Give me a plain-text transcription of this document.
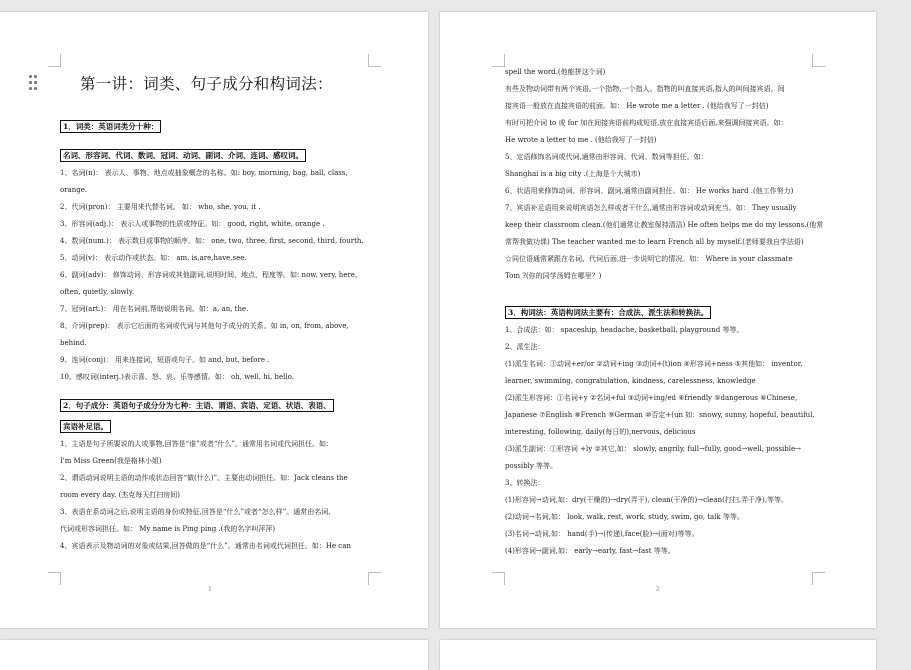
第一讲：词类、句子成分和构词法：
1．词类：英语词类分十种：
名词、形容词、代词、数词、冠词、动词、副词、介词、连词、感叹词。

1、名词(n)： 表示人、事物、地点或抽象概念的名称。如: boy, morning, bag, ball, class, orange.

2、代词(pron)： 主要用来代替名词。 如： who, she, you, it .

3、形容词(adj.)： 表示人或事物的性质或特征。如： good, right, white, orange .

4、数词(num.)： 表示数目或事物的顺序。如： one, two, three, first, second, third, fourth.

5、动词(v)： 表示动作或状态。如： am, is,are,have,see.

6、副词(adv)： 修饰动词、形容词或其他副词,说明时间、地点、程度等。如: now, very, here,

often, quietly, slowly.

7、冠词(art.)： 用在名词前,帮助说明名词。如：a, an, the.

8、介词(prep)： 表示它后面的名词或代词与其他句子成分的关系。如 in, on, from, above,

behind.

9、连词(conj)： 用来连接词、短语或句子。如 and, but, before .

10、感叹词(interj.)表示喜、怒、哀、乐等感情。如： oh, well, hi, hello.

2．句子成分：英语句子成分分为七种：主语、谓语、宾语、定语、状语、表语、
宾语补足语。

1、主语是句子所要说的人或事物,回答是“谁”或者“什么”。通常用名词或代词担任。如：

I'm Miss Green(我是格林小姐)

2、谓语动词说明主语的动作或状态回答“做(什么)”。主要由动词担任。如：Jack cleans the

room every day. (杰克每天打扫房间)

3、表语在系动词之后,说明主语的身份或特征,回答是“什么”或者“怎么样”。通常由名词、

代词或形容词担任。如： My name is Ping ping .(我的名字叫萍萍)

4、宾语表示及物动词的对象或结果,回答做的是“什么”。通常由名词或代词担任。如：He can

1

spell the word.(他能拼这个词)

有些及物动词带有两个宾语,一个指物,一个指人。指物的叫直接宾语,指人的叫间接宾语。间

接宾语一般放在直接宾语的前面。如： He wrote me a letter . (他给我写了一封信)

有时可把介词 to 或 for 加在间接宾语前构成短语,放在直接宾语后面,来强调间接宾语。如：

He wrote a letter to me . (他给我写了一封信)

5、定语修饰名词或代词,通常由形容词、代词、数词等担任。如：

Shanghai is a big city .(上海是个大城市)

6、状语用来修饰动词、形容词、副词,通常由副词担任。如： He works hard .(他工作努力)

7、宾语补足语用来说明宾语怎么样或者干什么,通常由形容词或动词充当。如： They usually

keep their classroom clean.(他们通常让教室保持清洁) He often helps me do my lessons.(他常

常帮我做功课) The teacher wanted me to learn French all by myself.(老师要我自学法语)

☆同位语通常紧跟在名词、代词后面,进一步说明它的情况。如： Where is your classmate

Tom ?(你的同学汤姆在哪里？)

3．构词法：英语构词法主要有：合成法、派生法和转换法。

1、合成法：如： spaceship, headache, basketball, playground 等等。

2、派生法：

(1)派生名词：①动词+er/or ②动词+ing ③动词+(t)ion ④形容词+ness ⑤其他如： inventor,

learner, swimming, congratulation, kindness, carelessness, knowledge

(2)派生形容词：①名词+y ②名词+ful ③动词+ing/ed ④friendly ⑤dangerous ⑥Chinese,

Japanese ⑦English ⑧French ⑨German ⑩否定+(un 如：snowy, sunny, hopeful, beautiful,

interesting, following, daily(每日的),nervous, delicious

(3)派生副词：①形容词 +ly ②其它,如： slowly, angrily, full→fully, good→well, possible→

possibly 等等。

3、转换法：

(1)形容词→动词,如：dry(干燥的)→dry(弄干), clean(干净的)→clean(打扫,弄干净),等等。

(2)动词→名词,如： look, walk, rest, work, study, swim, go, talk 等等。

(3)名词→动词,如： hand(手)→(传递),face(脸)→(面对)等等。

(4)形容词→副词,如： early→early, fast→fast 等等。

2
